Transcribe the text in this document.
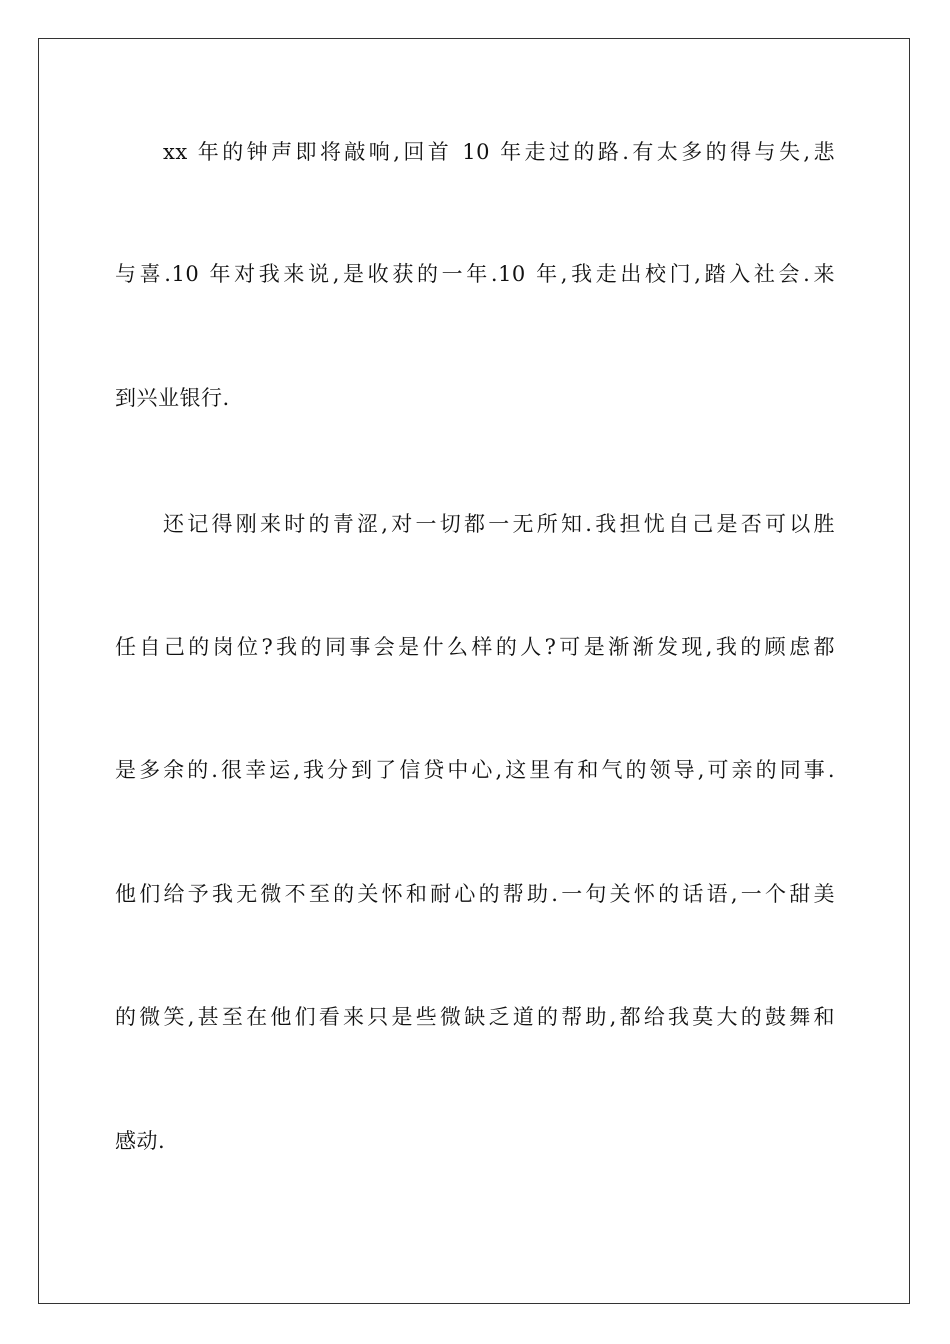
xx 年的钟声即将敲响,回首 10 年走过的路.有太多的得与失,悲
与喜.10 年对我来说,是收获的一年.10 年,我走出校门,踏入社会.来
到兴业银行.
还记得刚来时的青涩,对一切都一无所知.我担忧自己是否可以胜
任自己的岗位?我的同事会是什么样的人?可是渐渐发现,我的顾虑都
是多余的.很幸运,我分到了信贷中心,这里有和气的领导,可亲的同事.
他们给予我无微不至的关怀和耐心的帮助.一句关怀的话语,一个甜美
的微笑,甚至在他们看来只是些微缺乏道的帮助,都给我莫大的鼓舞和
感动.
